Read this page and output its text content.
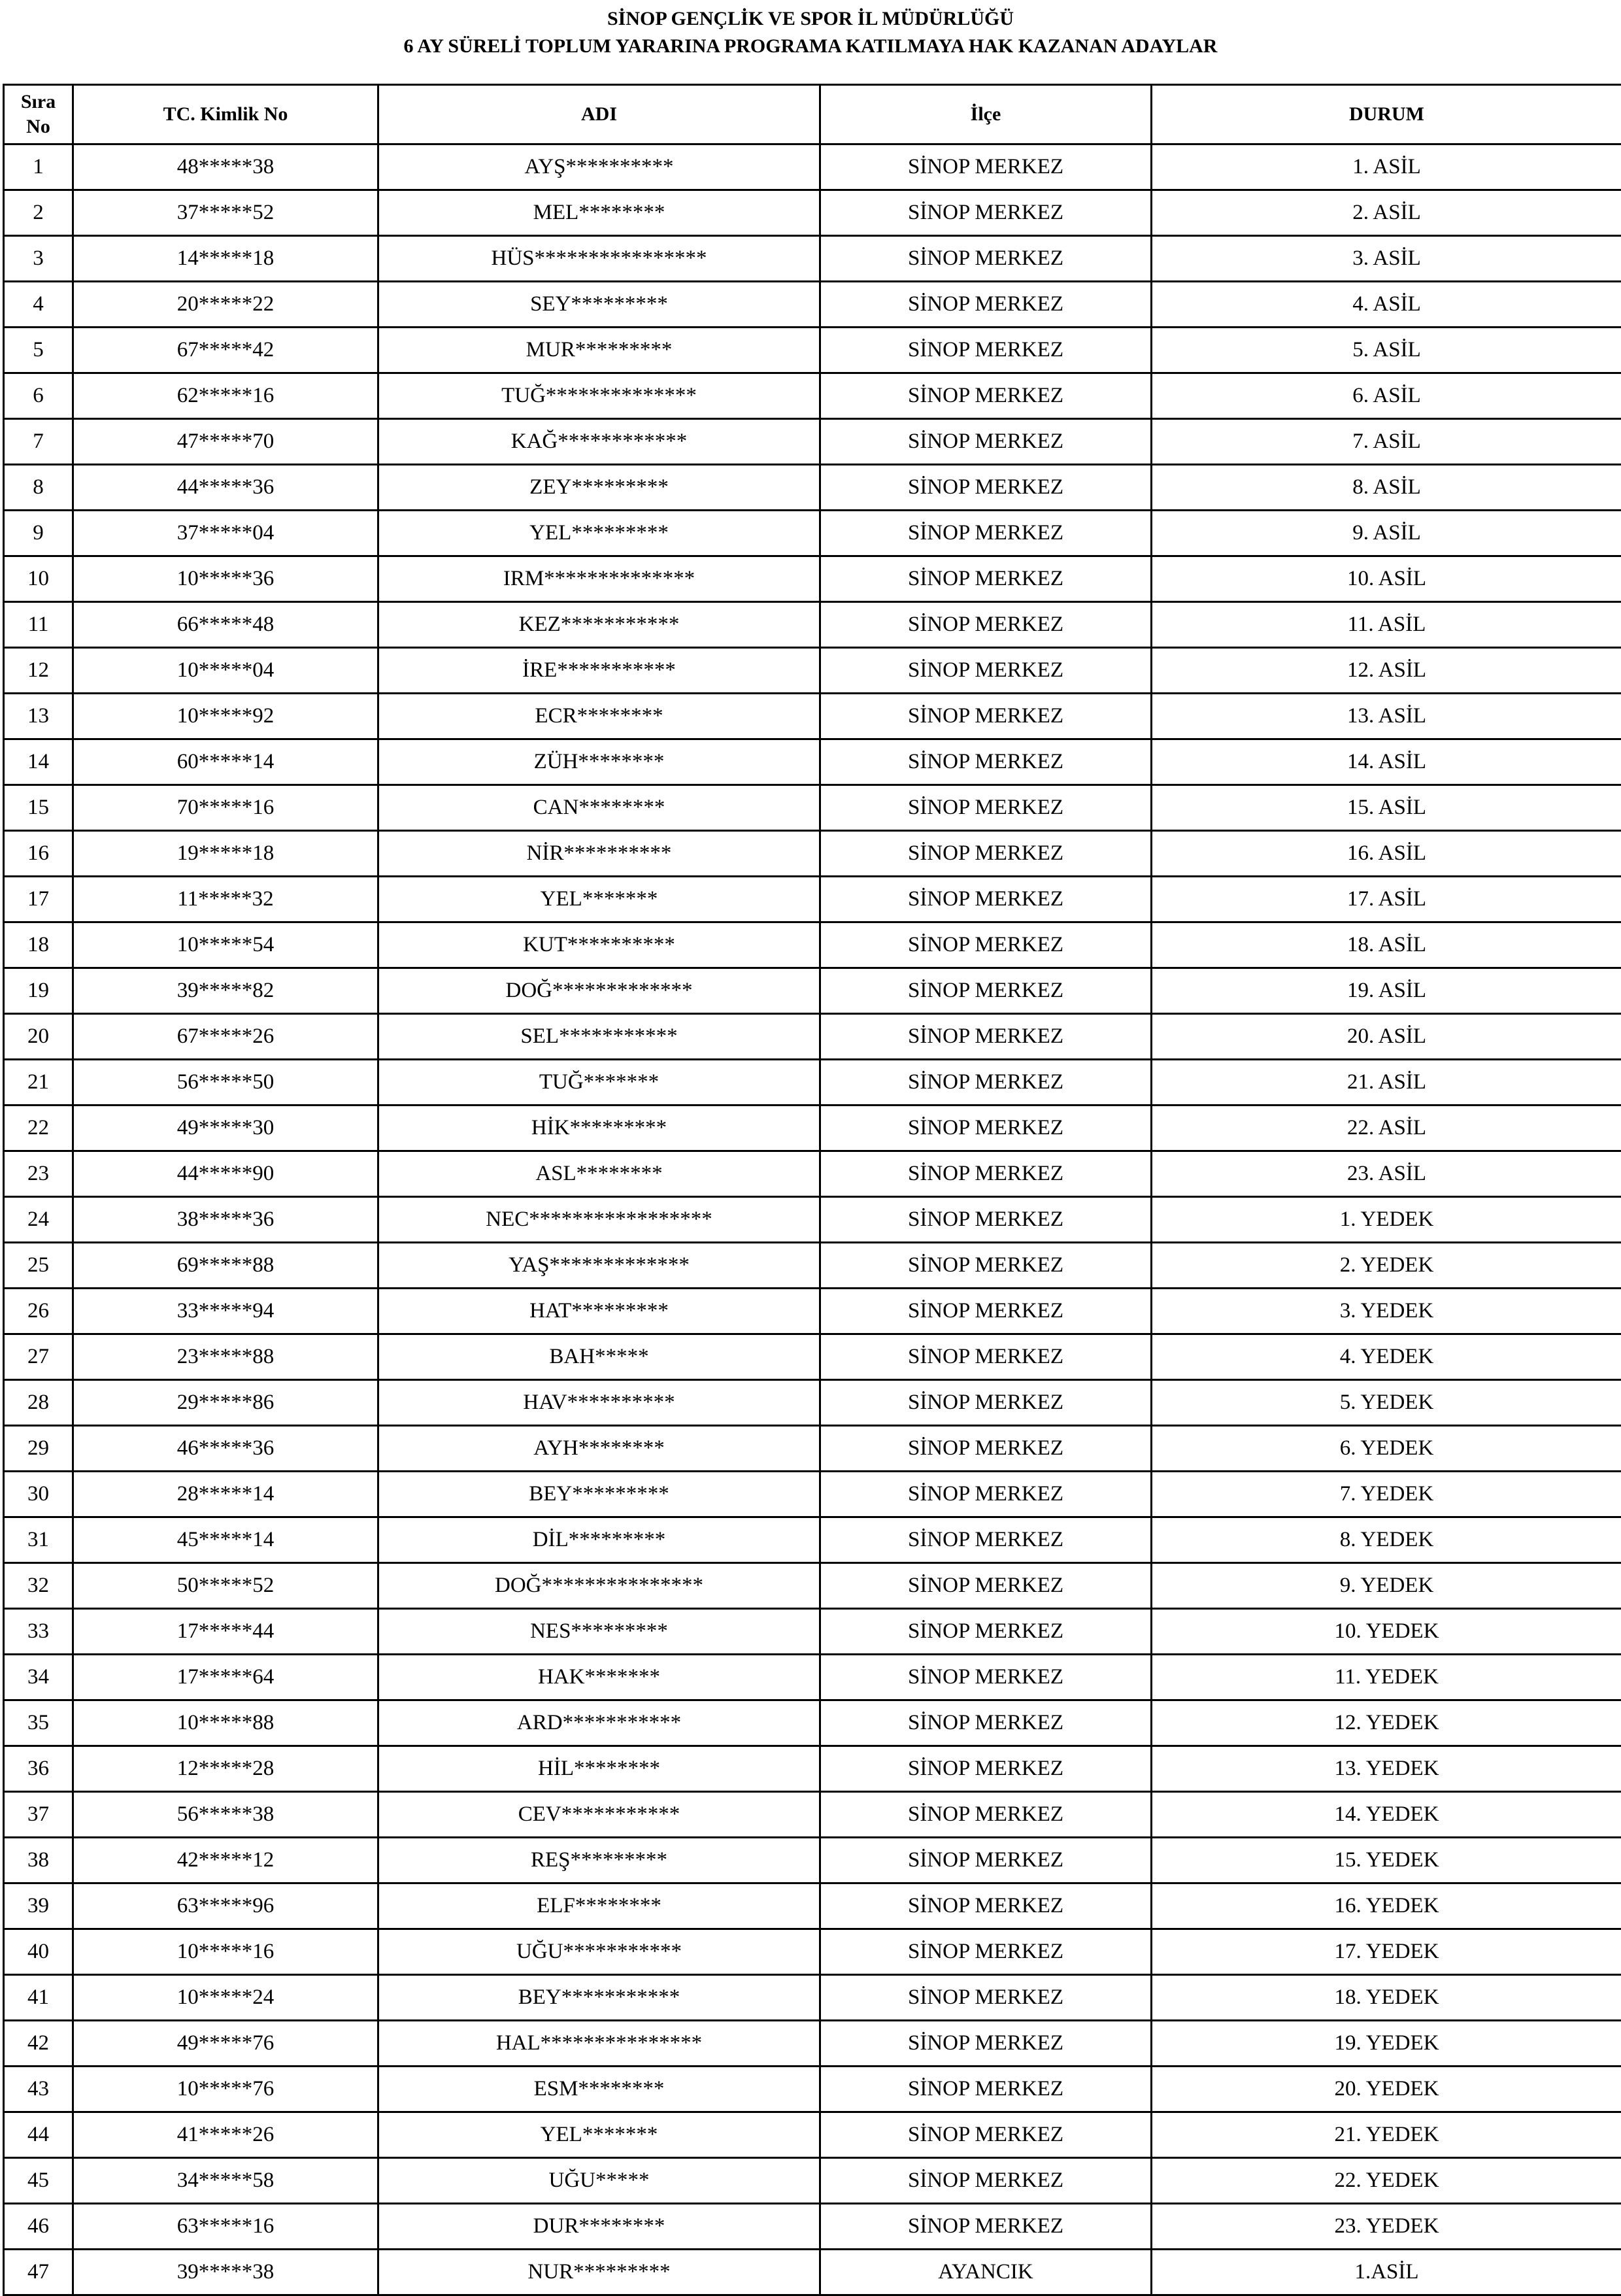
SİNOP GENÇLİK VE SPOR İL MÜDÜRLÜĞÜ
6 AY SÜRELİ TOPLUM YARARINA PROGRAMA KATILMAYA HAK KAZANAN ADAYLAR
Sıra
No	TC. Kimlik No	ADI	İlçe	DURUM
1	48*****38	AYŞ**********	SİNOP MERKEZ	1. ASİL
2	37*****52	MEL********	SİNOP MERKEZ	2. ASİL
3	14*****18	HÜS****************	SİNOP MERKEZ	3. ASİL
4	20*****22	SEY*********	SİNOP MERKEZ	4. ASİL
5	67*****42	MUR*********	SİNOP MERKEZ	5. ASİL
6	62*****16	TUĞ**************	SİNOP MERKEZ	6. ASİL
7	47*****70	KAĞ************	SİNOP MERKEZ	7. ASİL
8	44*****36	ZEY*********	SİNOP MERKEZ	8. ASİL
9	37*****04	YEL*********	SİNOP MERKEZ	9. ASİL
10	10*****36	IRM**************	SİNOP MERKEZ	10. ASİL
11	66*****48	KEZ***********	SİNOP MERKEZ	11. ASİL
12	10*****04	İRE***********	SİNOP MERKEZ	12. ASİL
13	10*****92	ECR********	SİNOP MERKEZ	13. ASİL
14	60*****14	ZÜH********	SİNOP MERKEZ	14. ASİL
15	70*****16	CAN********	SİNOP MERKEZ	15. ASİL
16	19*****18	NİR**********	SİNOP MERKEZ	16. ASİL
17	11*****32	YEL*******	SİNOP MERKEZ	17. ASİL
18	10*****54	KUT**********	SİNOP MERKEZ	18. ASİL
19	39*****82	DOĞ*************	SİNOP MERKEZ	19. ASİL
20	67*****26	SEL***********	SİNOP MERKEZ	20. ASİL
21	56*****50	TUĞ*******	SİNOP MERKEZ	21. ASİL
22	49*****30	HİK*********	SİNOP MERKEZ	22. ASİL
23	44*****90	ASL********	SİNOP MERKEZ	23. ASİL
24	38*****36	NEC*****************	SİNOP MERKEZ	1. YEDEK
25	69*****88	YAŞ*************	SİNOP MERKEZ	2. YEDEK
26	33*****94	HAT*********	SİNOP MERKEZ	3. YEDEK
27	23*****88	BAH*****	SİNOP MERKEZ	4. YEDEK
28	29*****86	HAV**********	SİNOP MERKEZ	5. YEDEK
29	46*****36	AYH********	SİNOP MERKEZ	6. YEDEK
30	28*****14	BEY*********	SİNOP MERKEZ	7. YEDEK
31	45*****14	DİL*********	SİNOP MERKEZ	8. YEDEK
32	50*****52	DOĞ***************	SİNOP MERKEZ	9. YEDEK
33	17*****44	NES*********	SİNOP MERKEZ	10. YEDEK
34	17*****64	HAK*******	SİNOP MERKEZ	11. YEDEK
35	10*****88	ARD***********	SİNOP MERKEZ	12. YEDEK
36	12*****28	HİL********	SİNOP MERKEZ	13. YEDEK
37	56*****38	CEV***********	SİNOP MERKEZ	14. YEDEK
38	42*****12	REŞ*********	SİNOP MERKEZ	15. YEDEK
39	63*****96	ELF********	SİNOP MERKEZ	16. YEDEK
40	10*****16	UĞU***********	SİNOP MERKEZ	17. YEDEK
41	10*****24	BEY***********	SİNOP MERKEZ	18. YEDEK
42	49*****76	HAL***************	SİNOP MERKEZ	19. YEDEK
43	10*****76	ESM********	SİNOP MERKEZ	20. YEDEK
44	41*****26	YEL*******	SİNOP MERKEZ	21. YEDEK
45	34*****58	UĞU*****	SİNOP MERKEZ	22. YEDEK
46	63*****16	DUR********	SİNOP MERKEZ	23. YEDEK
47	39*****38	NUR*********	AYANCIK	1.ASİL
